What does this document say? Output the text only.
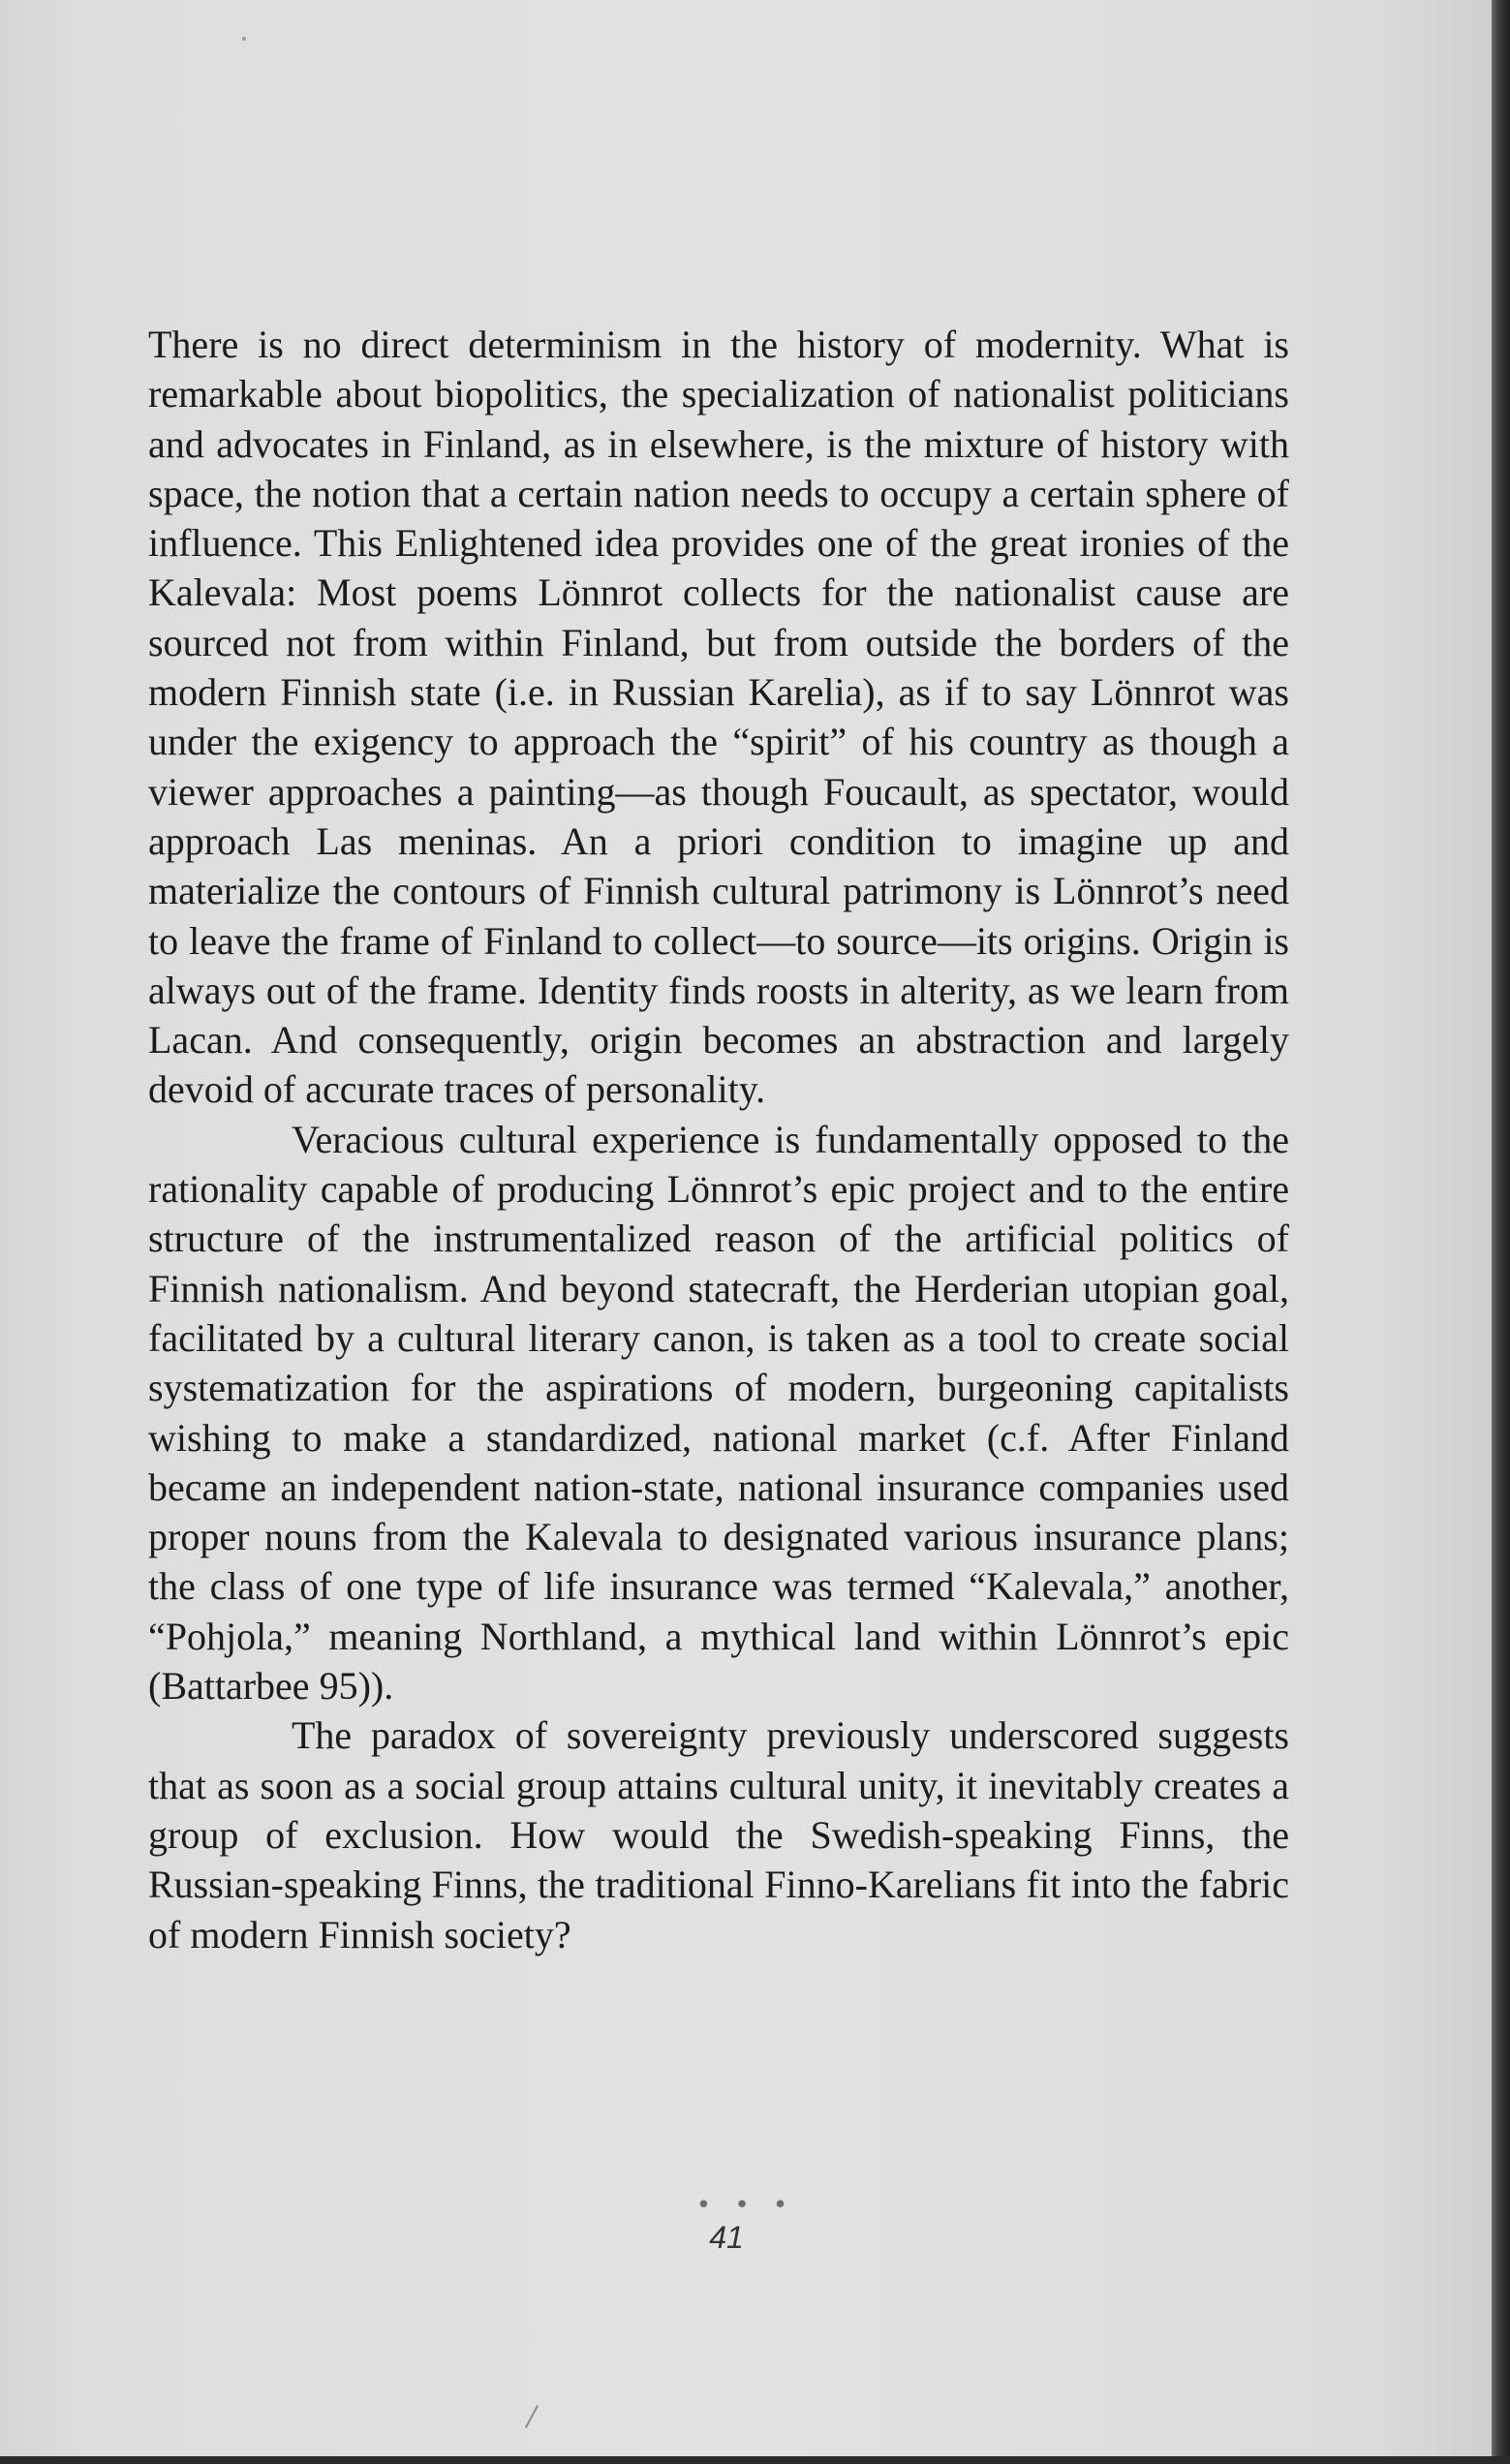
There is no direct determinism in the history of modernity. What is remarkable about biopolitics, the specialization of nationalist politicians and advocates in Finland, as in elsewhere, is the mixture of history with space, the notion that a certain nation needs to occupy a certain sphere of influence. This Enlightened idea provides one of the great ironies of the Kalevala: Most poems Lönnrot collects for the nationalist cause are sourced not from within Finland, but from outside the borders of the modern Finnish state (i.e. in Russian Karelia), as if to say Lönnrot was under the exigency to approach the “spirit” of his country as though a viewer approaches a painting—as though Foucault, as spectator, would approach Las meninas. An a priori condition to imagine up and materialize the contours of Finnish cultural patrimony is Lönnrot’s need to leave the frame of Finland to collect—to source—its origins. Origin is always out of the frame. Identity finds roosts in alterity, as we learn from Lacan. And consequently, origin becomes an abstraction and largely devoid of accurate traces of personality.

Veracious cultural experience is fundamentally opposed to the rationality capable of producing Lönnrot’s epic project and to the entire structure of the instrumentalized reason of the artificial politics of Finnish nationalism. And beyond statecraft, the Herderian utopian goal, facilitated by a cultural literary canon, is taken as a tool to create social systematization for the aspirations of modern, burgeoning capitalists wishing to make a standardized, national market (c.f. After Finland became an independent nation-state, national insurance companies used proper nouns from the Kalevala to designated various insurance plans; the class of one type of life insurance was termed “Kalevala,” another, “Pohjola,” meaning Northland, a mythical land within Lönnrot’s epic (Battarbee 95)).

The paradox of sovereignty previously underscored suggests that as soon as a social group attains cultural unity, it inevitably creates a group of exclusion. How would the Swedish-speaking Finns, the Russian-speaking Finns, the traditional Finno-Karelians fit into the fabric of modern Finnish society?

• • •
41
